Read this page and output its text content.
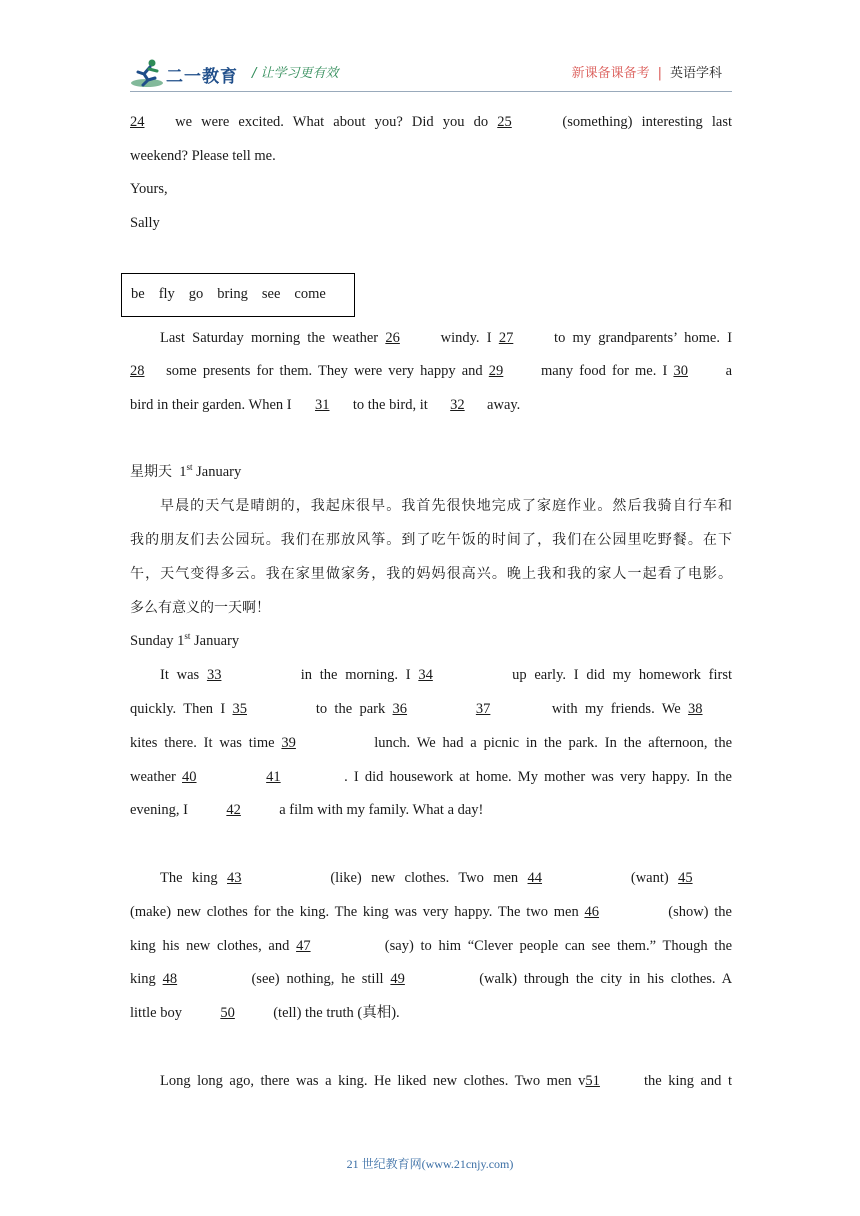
二一教育 / 让学习更有效	新课备课备考 | 英语学科
24 we were excited. What about you? Did you do 25	(something) interesting last
weekend? Please tell me.
Yours,
Sally
be fly go bring see come
Last Saturday morning the weather 26	windy. I 27	to my grandparents’ home. I
28 some presents for them. They were very happy and 29	many food for me. I 30	a
bird in their garden. When I 31 to the bird, it 32 away.
星期天 1st January
早晨的天气是晴朗的，我起床很早。我首先很快地完成了家庭作业。然后我骑自行车和
我的朋友们去公园玩。我们在那放风筝。到了吃午饭的时间了，我们在公园里吃野餐。在下
午，天气变得多云。我在家里做家务，我的妈妈很高兴。晚上我和我的家人一起看了电影。
多么有意义的一天啊！
Sunday 1st January
It was 33	in the morning. I 34	up early. I did my homework first
quickly. Then I 35	to the park 36	37	with my friends. We 38
kites there. It was time 39	lunch. We had a picnic in the park. In the afternoon, the
weather 40	41	. I did housework at home. My mother was very happy. In the
evening, I	42	a film with my family. What a day!
The king 43	(like) new clothes. Two men 44	(want) 45
(make) new clothes for the king. The king was very happy. The two men 46	(show) the
king his new clothes, and 47	(say) to him “Clever people can see them.” Though the
king 48	(see) nothing, he still 49	(walk) through the city in his clothes. A
little boy	50	(tell) the truth (真相).
Long long ago, there was a king. He liked new clothes. Two men v51	the king and t
21 世纪教育网(www.21cnjy.com)
